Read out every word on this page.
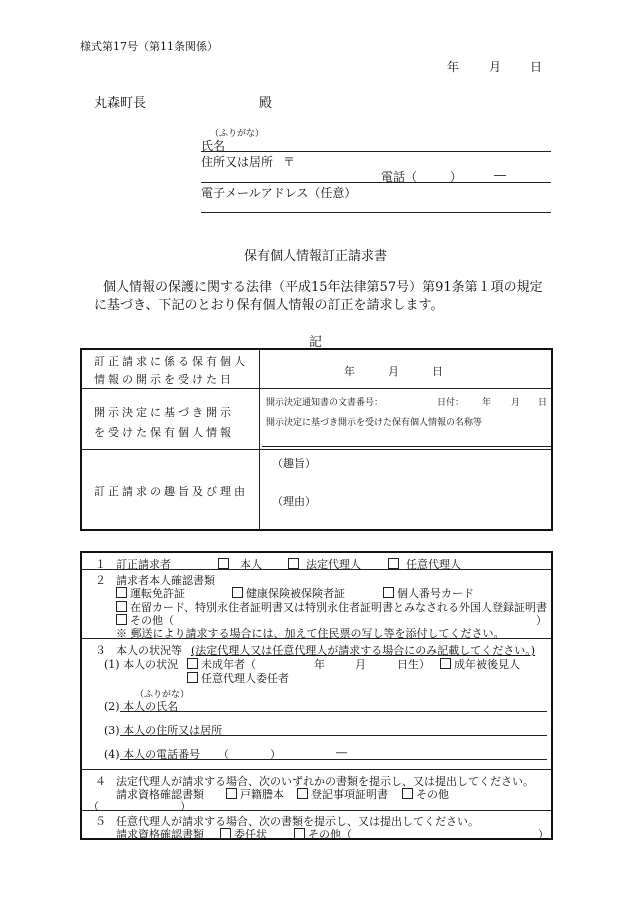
様式第17号（第11条関係）
年 月 日
丸森町長	殿
（ふりがな）
氏名
住所又は居所 〒
電話（	）	―
電子メールアドレス（任意）
保有個人情報訂正請求書
個人情報の保護に関する法律（平成15年法律第57号）第91条第１項の規定
に基づき、下記のとおり保有個人情報の訂正を請求します。
記
訂正請求に係る保有個人
情報の開示を受けた日
年	月	日
開示決定に基づき開示
を受けた保有個人情報
開示決定通知書の文書番号：	日付： 年 月 日
開示決定に基づき開示を受けた保有個人情報の名称等
訂正請求の趣旨及び理由
（趣旨）
（理由）
１ 訂正請求者	本人	法定代理人	任意代理人
２ 請求者本人確認書類
運転免許証	健康保険被保険者証	個人番号カード
在留カード、特別永住者証明書又は特別永住者証明書とみなされる外国人登録証明書
その他（	）
※ 郵送により請求する場合には、加えて住民票の写し等を添付してください。
３ 本人の状況等 (法定代理人又は任意代理人が請求する場合にのみ記載してください。)
(1) 本人の状況	未成年者（	年	月	日生）	成年被後見人
任意代理人委任者
（ふりがな）
(2) 本人の氏名
(3) 本人の住所又は居所
(4) 本人の電話番号 （	）	―
４ 法定代理人が請求する場合、次のいずれかの書類を提示し、又は提出してください。
請求資格確認書類	戸籍謄本	登記事項証明書	その他
（	）
５ 任意代理人が請求する場合、次の書類を提示し、又は提出してください。
請求資格確認書類	委任状	その他（	）
